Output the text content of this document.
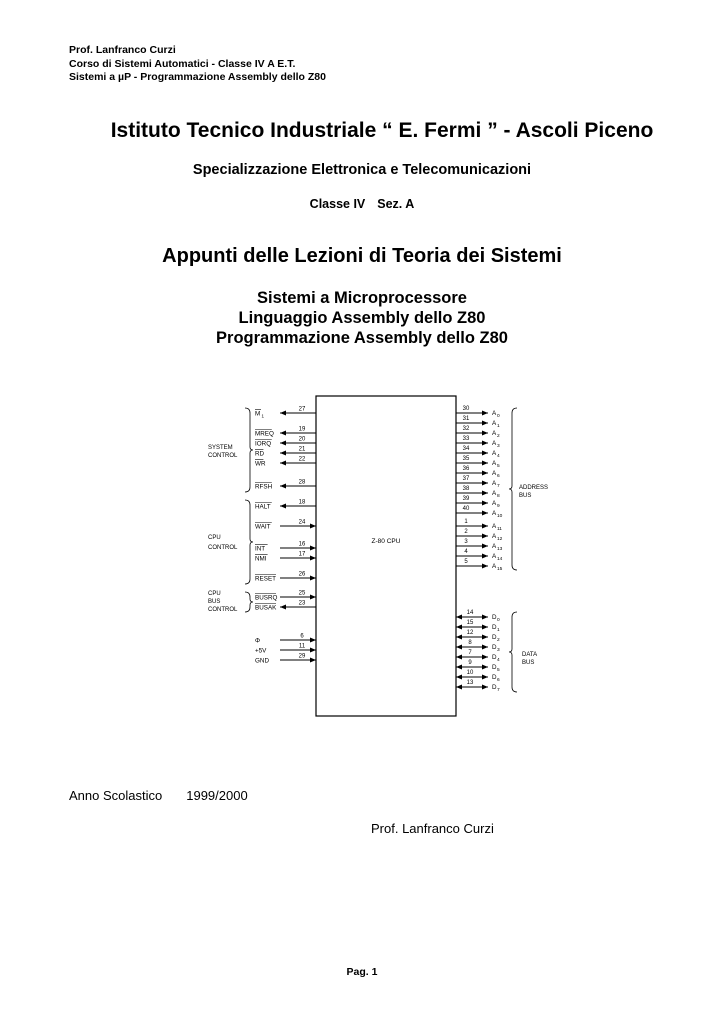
Prof. Lanfranco Curzi
Corso di Sistemi Automatici - Classe IV A E.T.
Sistemi a µP - Programmazione Assembly dello Z80
Istituto Tecnico Industriale “ E. Fermi ” - Ascoli Piceno
Specializzazione Elettronica e Telecomunicazioni
Classe IV Sez. A
Appunti delle Lezioni di Teoria dei Sistemi
Sistemi a Microprocessore
Linguaggio Assembly dello Z80
Programmazione Assembly dello Z80
Z-80 CPU
27
M 1
19
MREQ
20
IORQ
21
RD
22
WR
28
RFSH
18
HALT
24
WAIT
16
INT
17
NMI
26
RESET
25
BUSRQ
23
BUSAK
6
Φ
11
+5V
29
GND
30
A 0
31
A 1
32
A 2
33
A 3
34
A 4
35
A 5
36
A 6
37
A 7
38
A 8
39
A 9
40
A 10
1
A 11
2
A 12
3
A 13
4
A 14
5
A 15
14
D 0
15
D 1
12
D 2
8
D 3
7
D 4
9
D 5
10
D 6
13
D 7
SYSTEM
CONTROL
CPU
CONTROL
CPU
BUS
CONTROL
ADDRESS
BUS
DATA
BUS
Anno Scolastico 1999/2000
Prof. Lanfranco Curzi
Pag. 1
